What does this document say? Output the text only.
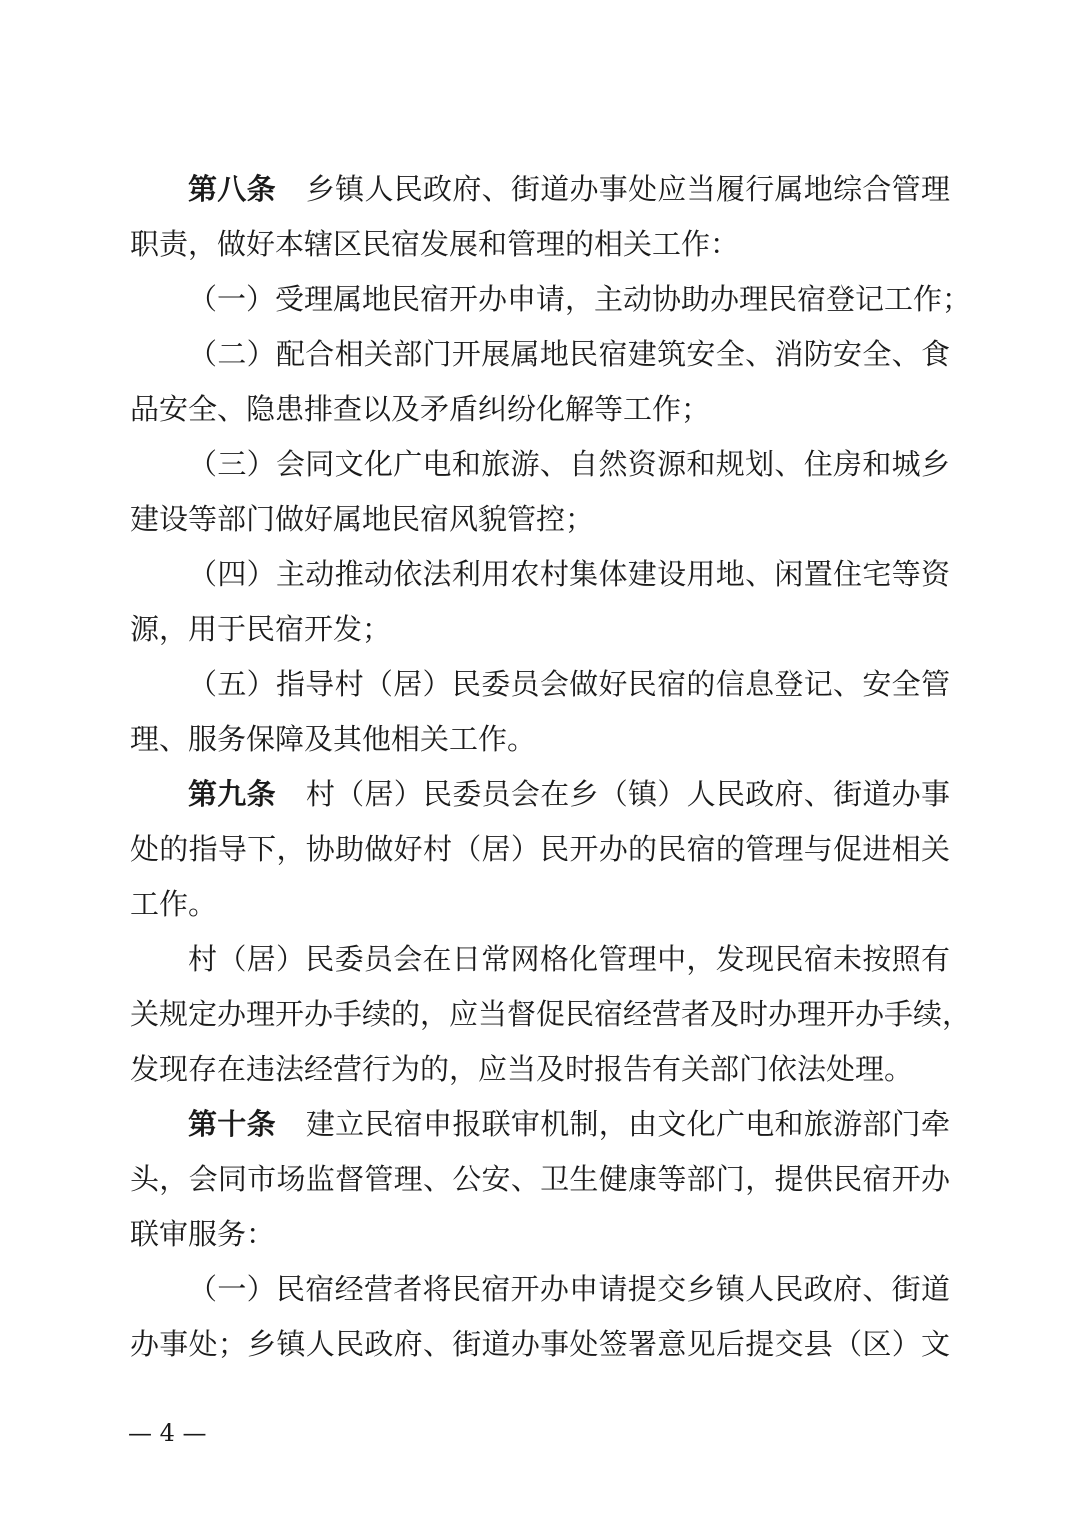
第八条 乡镇人民政府、街道办事处应当履行属地综合管理
职责，做好本辖区民宿发展和管理的相关工作：
（一）受理属地民宿开办申请，主动协助办理民宿登记工作；
（二）配合相关部门开展属地民宿建筑安全、消防安全、食
品安全、隐患排查以及矛盾纠纷化解等工作；
（三）会同文化广电和旅游、自然资源和规划、住房和城乡
建设等部门做好属地民宿风貌管控；
（四）主动推动依法利用农村集体建设用地、闲置住宅等资
源，用于民宿开发；
（五）指导村（居）民委员会做好民宿的信息登记、安全管
理、服务保障及其他相关工作。
第九条 村（居）民委员会在乡（镇）人民政府、街道办事
处的指导下，协助做好村（居）民开办的民宿的管理与促进相关
工作。
村（居）民委员会在日常网格化管理中，发现民宿未按照有
关规定办理开办手续的，应当督促民宿经营者及时办理开办手续，
发现存在违法经营行为的，应当及时报告有关部门依法处理。
第十条 建立民宿申报联审机制，由文化广电和旅游部门牵
头，会同市场监督管理、公安、卫生健康等部门，提供民宿开办
联审服务：
（一）民宿经营者将民宿开办申请提交乡镇人民政府、街道
办事处；乡镇人民政府、街道办事处签署意见后提交县（区）文
— 4 —
